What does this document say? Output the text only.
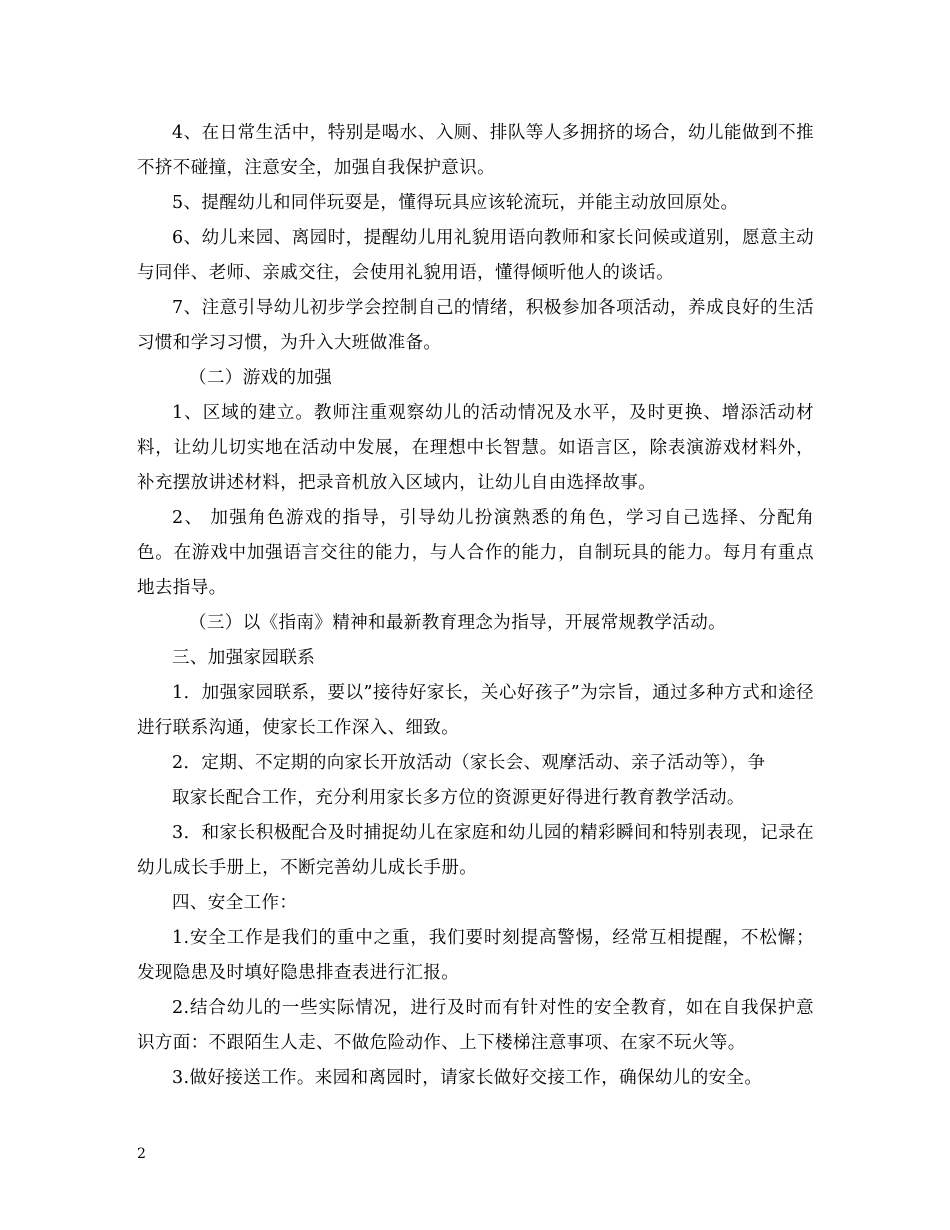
4、在日常生活中，特别是喝水、入厕、排队等人多拥挤的场合，幼儿能做到不推不挤不碰撞，注意安全，加强自我保护意识。

5、提醒幼儿和同伴玩耍是，懂得玩具应该轮流玩，并能主动放回原处。

6、幼儿来园、离园时，提醒幼儿用礼貌用语向教师和家长问候或道别，愿意主动与同伴、老师、亲戚交往，会使用礼貌用语，懂得倾听他人的谈话。

7、注意引导幼儿初步学会控制自己的情绪，积极参加各项活动，养成良好的生活习惯和学习习惯，为升入大班做准备。

（二）游戏的加强

1、区域的建立。教师注重观察幼儿的活动情况及水平，及时更换、增添活动材料，让幼儿切实地在活动中发展，在理想中长智慧。如语言区，除表演游戏材料外，补充摆放讲述材料，把录音机放入区域内，让幼儿自由选择故事。

2、 加强角色游戏的指导，引导幼儿扮演熟悉的角色，学习自己选择、分配角色。在游戏中加强语言交往的能力，与人合作的能力，自制玩具的能力。每月有重点地去指导。

（三）以《指南》精神和最新教育理念为指导，开展常规教学活动。

三、加强家园联系

1．加强家园联系，要以”接待好家长，关心好孩子”为宗旨，通过多种方式和途径进行联系沟通，使家长工作深入、细致。

2．定期、不定期的向家长开放活动（家长会、观摩活动、亲子活动等），争

取家长配合工作，充分利用家长多方位的资源更好得进行教育教学活动。

3．和家长积极配合及时捕捉幼儿在家庭和幼儿园的精彩瞬间和特别表现，记录在幼儿成长手册上，不断完善幼儿成长手册。

四、安全工作：

1.安全工作是我们的重中之重，我们要时刻提高警惕，经常互相提醒，不松懈；发现隐患及时填好隐患排查表进行汇报。

2.结合幼儿的一些实际情况，进行及时而有针对性的安全教育，如在自我保护意识方面：不跟陌生人走、不做危险动作、上下楼梯注意事项、在家不玩火等。

3.做好接送工作。来园和离园时，请家长做好交接工作，确保幼儿的安全。

2
